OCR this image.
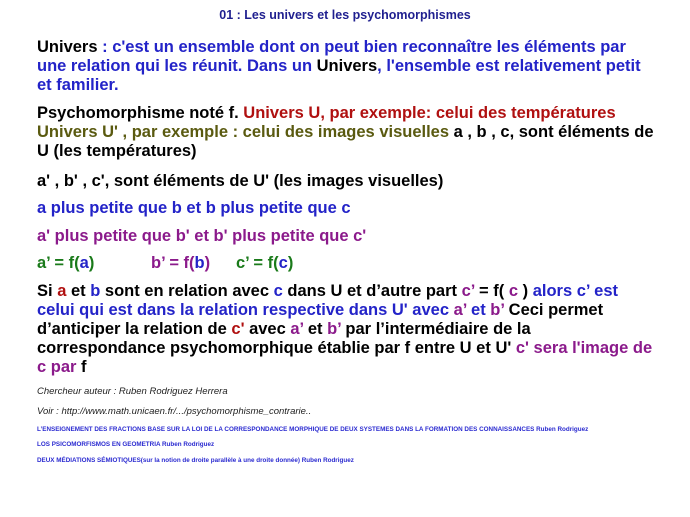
01 : Les univers et les psychomorphismes
Univers : c'est un ensemble dont on peut bien reconnaître les éléments par une relation qui les réunit. Dans un Univers, l'ensemble est relativement petit et familier.
Psychomorphisme noté f. Univers U, par exemple: celui des températures
Univers U' , par exemple : celui des images visuelles a , b , c, sont éléments de U (les températures)
a' , b' , c', sont éléments de U' (les images visuelles)
a plus petite que b et b plus petite que c
a' plus petite que b' et b' plus petite que c'
a’ = f(a)	b’ = f(b) c’ = f(c)
Si a et b sont en relation avec c dans U et d’autre part c’ = f( c ) alors c’ est celui qui est dans la relation respective dans U' avec a’ et b’ Ceci permet d’anticiper la relation de c' avec a’ et b’ par l’intermédiaire de la correspondance psychomorphique établie par f entre U et U' c' sera l'image de c par f
Chercheur auteur : Ruben Rodriguez Herrera
Voir : http://www.math.unicaen.fr/.../psychomorphisme_contrarie..
L’ENSEIGNEMENT DES FRACTIONS BASE SUR LA LOI DE LA CORRESPONDANCE MORPHIQUE DE DEUX SYSTEMES DANS LA FORMATION DES CONNAISSANCES Ruben Rodriguez
LOS PSICOMORFISMOS EN GEOMETRIA Ruben Rodriguez
DEUX MÉDIATIONS SÉMIOTIQUES(sur la notion de droite parallèle à une droite donnée) Ruben Rodriguez
